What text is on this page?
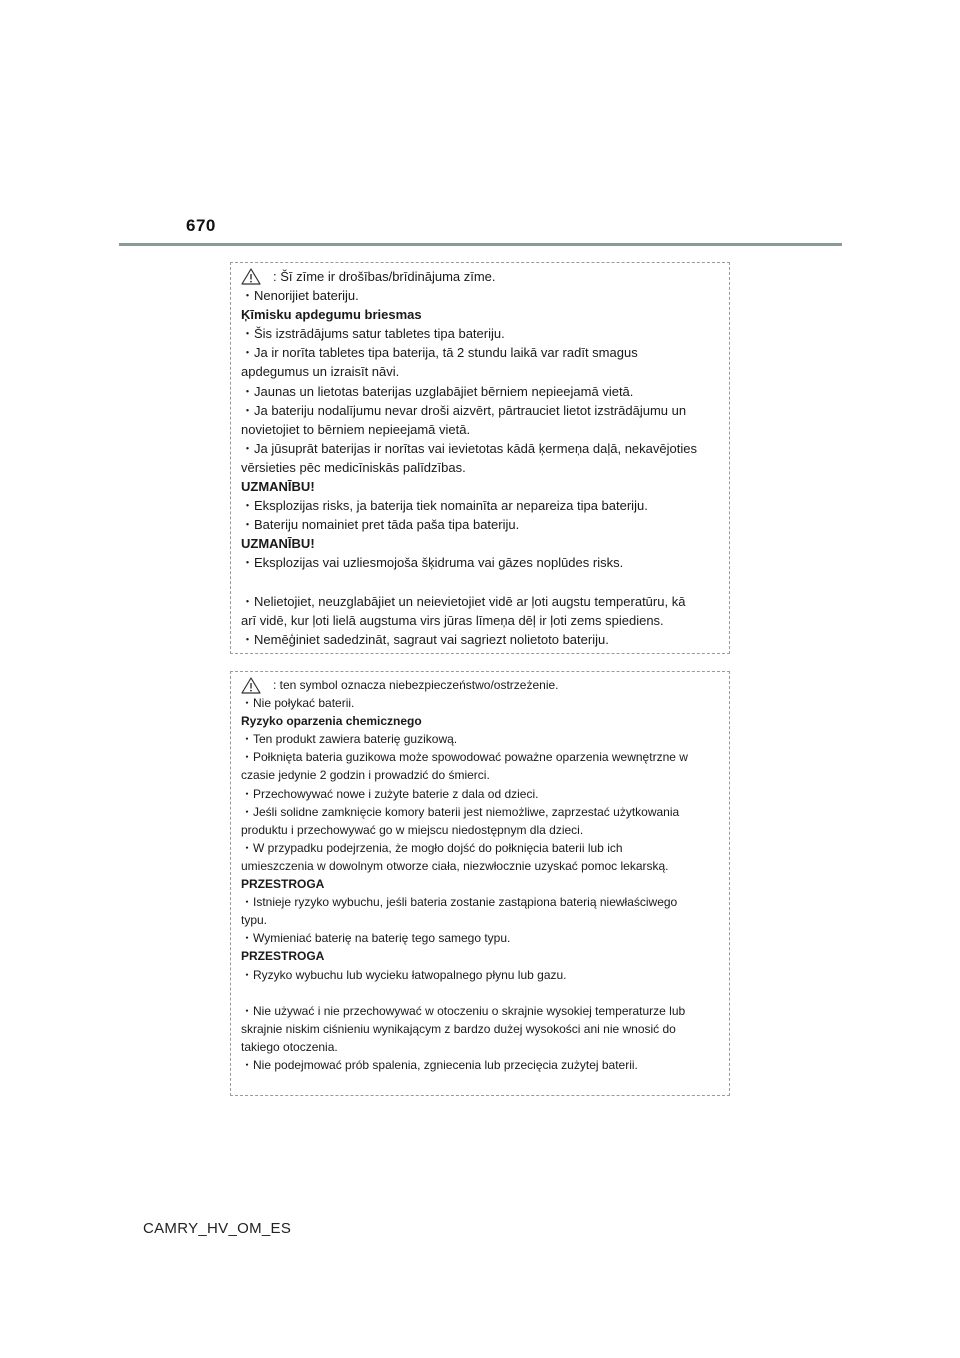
670
: Šī zīme ir drošības/brīdinājuma zīme.
・Nenorijiet bateriju.
Ķīmisku apdegumu briesmas
・Šis izstrādājums satur tabletes tipa bateriju.
・Ja ir norīta tabletes tipa baterija, tā 2 stundu laikā var radīt smagus
apdegumus un izraisīt nāvi.
・Jaunas un lietotas baterijas uzglabājiet bērniem nepieejamā vietā.
・Ja bateriju nodalījumu nevar droši aizvērt, pārtrauciet lietot izstrādājumu un
novietojiet to bērniem nepieejamā vietā.
・Ja jūsuprāt baterijas ir norītas vai ievietotas kādā ķermeņa daļā, nekavējoties
vērsieties pēc medicīniskās palīdzības.
UZMANĪBU!
・Eksplozijas risks, ja baterija tiek nomainīta ar nepareiza tipa bateriju.
・Bateriju nomainiet pret tāda paša tipa bateriju.
UZMANĪBU!
・Eksplozijas vai uzliesmojoša šķidruma vai gāzes noplūdes risks.
・Nelietojiet, neuzglabājiet un neievietojiet vidē ar ļoti augstu temperatūru, kā
arī vidē, kur ļoti lielā augstuma virs jūras līmeņa dēļ ir ļoti zems spiediens.
・Nemēģiniet sadedzināt, sagraut vai sagriezt nolietoto bateriju.
: ten symbol oznacza niebezpieczeństwo/ostrzeżenie.
・Nie połykać baterii.
Ryzyko oparzenia chemicznego
・Ten produkt zawiera baterię guzikową.
・Połknięta bateria guzikowa może spowodować poważne oparzenia wewnętrzne w
czasie jedynie 2 godzin i prowadzić do śmierci.
・Przechowywać nowe i zużyte baterie z dala od dzieci.
・Jeśli solidne zamknięcie komory baterii jest niemożliwe, zaprzestać użytkowania
produktu i przechowywać go w miejscu niedostępnym dla dzieci.
・W przypadku podejrzenia, że mogło dojść do połknięcia baterii lub ich
umieszczenia w dowolnym otworze ciała, niezwłocznie uzyskać pomoc lekarską.
PRZESTROGA
・Istnieje ryzyko wybuchu, jeśli bateria zostanie zastąpiona baterią niewłaściwego
typu.
・Wymieniać baterię na baterię tego samego typu.
PRZESTROGA
・Ryzyko wybuchu lub wycieku łatwopalnego płynu lub gazu.
・Nie używać i nie przechowywać w otoczeniu o skrajnie wysokiej temperaturze lub
skrajnie niskim ciśnieniu wynikającym z bardzo dużej wysokości ani nie wnosić do
takiego otoczenia.
・Nie podejmować prób spalenia, zgniecenia lub przecięcia zużytej baterii.
CAMRY_HV_OM_ES
